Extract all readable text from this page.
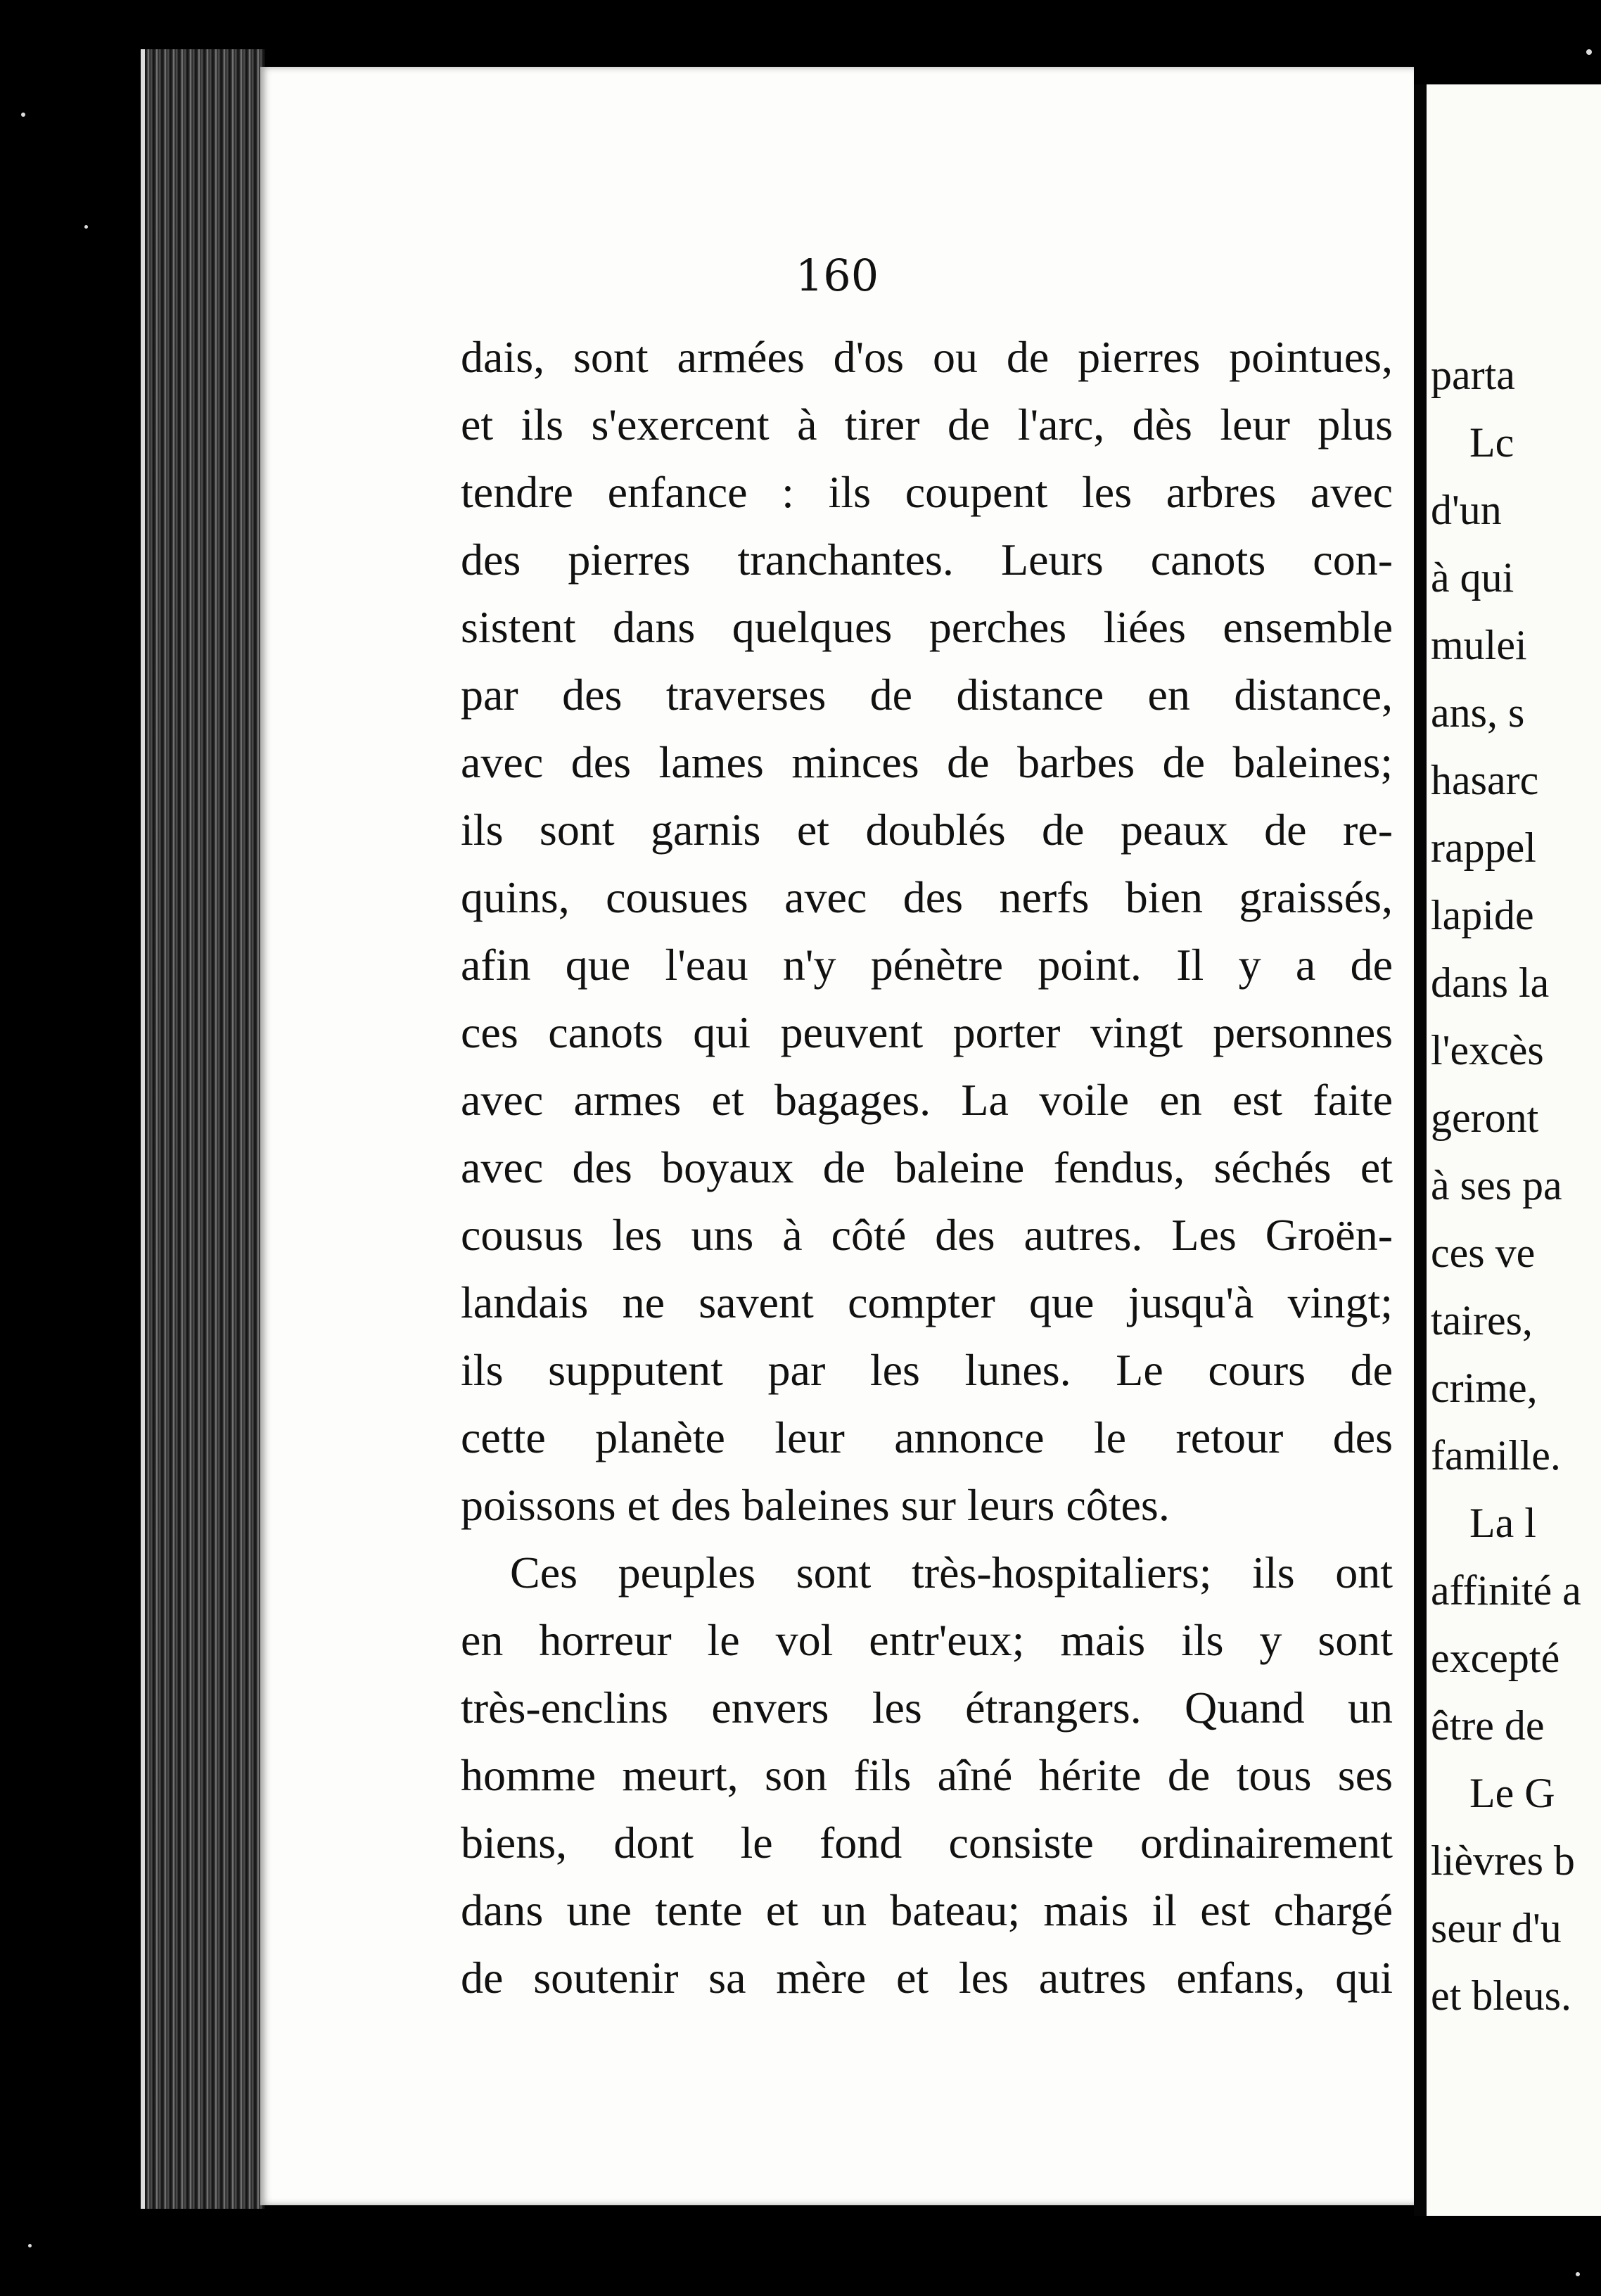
160
dais, sont armées d'os ou de pierres pointues,
et ils s'exercent à tirer de l'arc, dès leur plus
tendre enfance : ils coupent les arbres avec
des pierres tranchantes. Leurs canots con-
sistent dans quelques perches liées ensemble
par des traverses de distance en distance,
avec des lames minces de barbes de baleines;
ils sont garnis et doublés de peaux de re-
quins, cousues avec des nerfs bien graissés,
afin que l'eau n'y pénètre point. Il y a de
ces canots qui peuvent porter vingt personnes
avec armes et bagages. La voile en est faite
avec des boyaux de baleine fendus, séchés et
cousus les uns à côté des autres. Les Groën-
landais ne savent compter que jusqu'à vingt;
ils supputent par les lunes. Le cours de
cette planète leur annonce le retour des
poissons et des baleines sur leurs côtes.
Ces peuples sont très-hospitaliers; ils ont
en horreur le vol entr'eux; mais ils y sont
très-enclins envers les étrangers. Quand un
homme meurt, son fils aîné hérite de tous ses
biens, dont le fond consiste ordinairement
dans une tente et un bateau; mais il est chargé
de soutenir sa mère et les autres enfans, qui
parta
Lc
d'un
à qui
mulei
ans, s
hasarc
rappel
lapide
dans la
l'excès
geront
à ses pa
ces ve
taires,
crime,
famille.
La l
affinité a
excepté
être de
Le G
lièvres b
seur d'u
et bleus.
